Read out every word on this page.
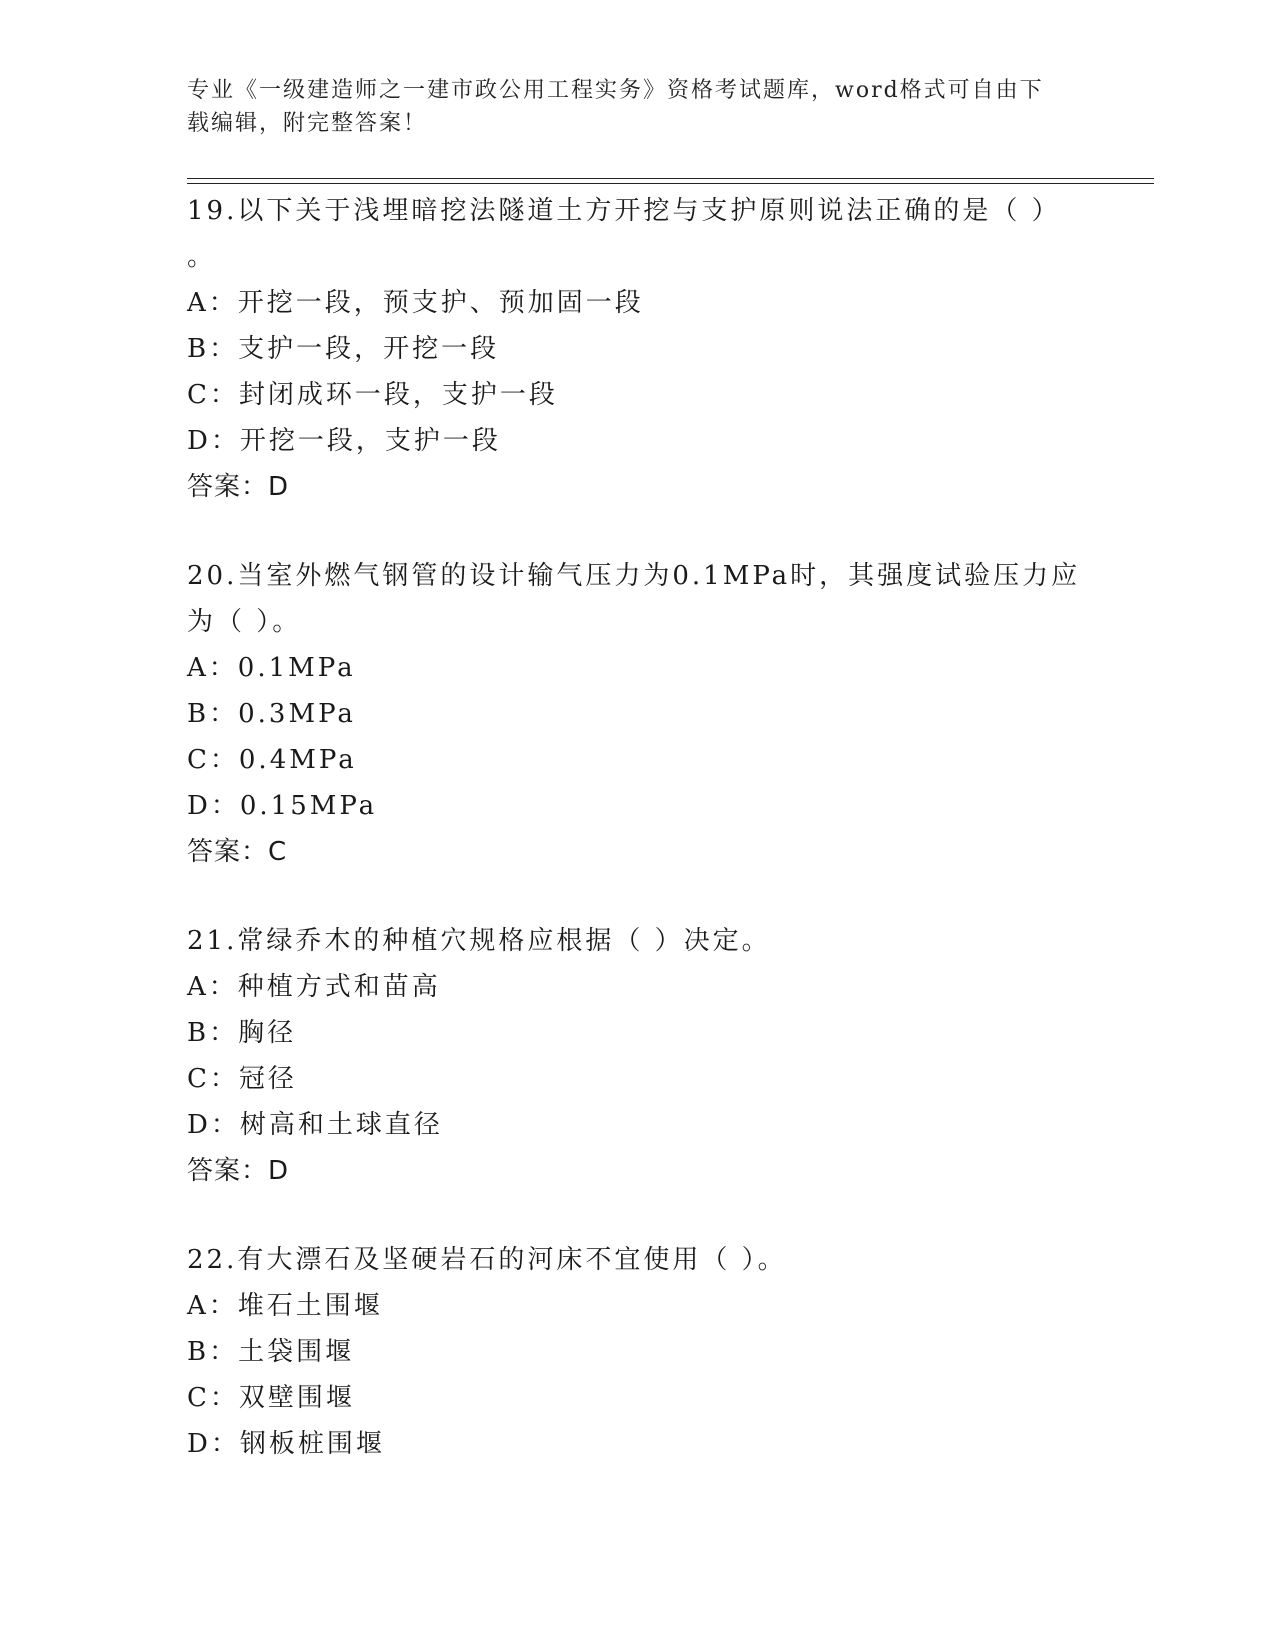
专业《一级建造师之一建市政公用工程实务》资格考试题库，word格式可自由下
载编辑，附完整答案！
19.以下关于浅埋暗挖法隧道土方开挖与支护原则说法正确的是（ ）
。
A：开挖一段，预支护、预加固一段
B：支护一段，开挖一段
C：封闭成环一段，支护一段
D：开挖一段，支护一段
答案：D
20.当室外燃气钢管的设计输气压力为0.1MPa时，其强度试验压力应
为（ ）。
A：0.1MPa
B：0.3MPa
C：0.4MPa
D：0.15MPa
答案：C
21.常绿乔木的种植穴规格应根据（ ）决定。
A：种植方式和苗高
B：胸径
C：冠径
D：树高和土球直径
答案：D
22.有大漂石及坚硬岩石的河床不宜使用（ ）。
A：堆石土围堰
B：土袋围堰
C：双壁围堰
D：钢板桩围堰
